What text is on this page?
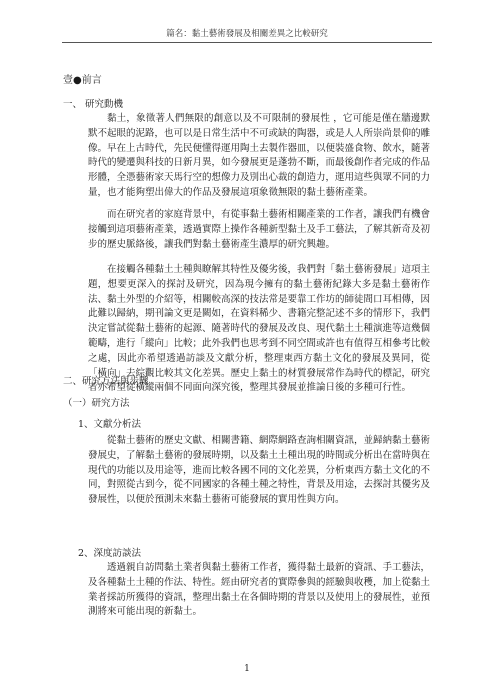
篇名：黏土藝術發展及相關差異之比較研究
壹●前言
一、 研究動機
黏土，象徵著人們無限的創意以及不可限制的發展性 ，它可能是僅在牆邊默默不起眼的泥路，也可以是日常生活中不可或缺的陶器，或是人人所崇尚景仰的雕像。早在上古時代，先民便懂得運用陶土去製作器皿，以便裝盛食物、飲水，隨著時代的變遷與科技的日新月異，如今發展更是蓬勃不斷，而最後創作者完成的作品形體，全憑藝術家天馬行空的想像力及別出心裁的創造力，運用這些與眾不同的力量，也才能夠塑出偉大的作品及發展這項象徵無限的黏土藝術產業。
而在研究者的家庭背景中，有從事黏土藝術相關產業的工作者，讓我們有機會接觸到這項藝術產業，透過實際上操作各種新型黏土及手工藝法，了解其新奇及初步的歷史脈絡後，讓我們對黏土藝術產生濃厚的研究興趣。
在接觸各種黏土土種與瞭解其特性及優劣後，我們對「黏土藝術發展」這項主題，想要更深入的探討及研究，因為現今擁有的黏土藝術紀錄大多是黏土藝術作法、黏土外型的介紹等，相關較高深的技法常是要靠工作坊的師徒間口耳相傳，因此難以歸納，期刊論文更是闕如，在資料稀少、書籍完整記述不多的情形下，我們決定嘗試從黏土藝術的起源、隨著時代的發展及改良、現代黏土土種演進等這幾個範疇，進行「縱向」比較；此外我們也思考到不同空間或許也有值得互相參考比較之處，因此亦希望透過訪談及文獻分析，整理東西方黏土文化的發展及異同，從「橫向」去綜觀比較其文化差異。歷史上黏土的材質發展常作為時代的標記，研究者亦希望從橫縱兩個不同面向深究後，整理其發展並推論日後的多種可行性。
二、研究方法與步驟
（一）研究方法
1、文獻分析法
從黏土藝術的歷史文獻、相關書籍、網際網路查詢相關資訊，並歸納黏土藝術發展史，了解黏土藝術的發展時期，以及黏土土種出現的時間或分析出在當時與在現代的功能以及用途等，進而比較各國不同的文化差異，分析東西方黏土文化的不同，對照從古到今，從不同國家的各種土種之特性，背景及用途，去探討其優劣及發展性，以便於預測未來黏土藝術可能發展的實用性與方向。
2、深度訪談法
透過親自訪問黏土業者與黏土藝術工作者，獲得黏土最新的資訊、手工藝法，及各種黏土土種的作法、特性。經由研究者的實際參與的經驗與收穫，加上從黏土業者採訪所獲得的資訊，整理出黏土在各個時期的背景以及使用上的發展性，並預測將來可能出現的新黏土。
1
